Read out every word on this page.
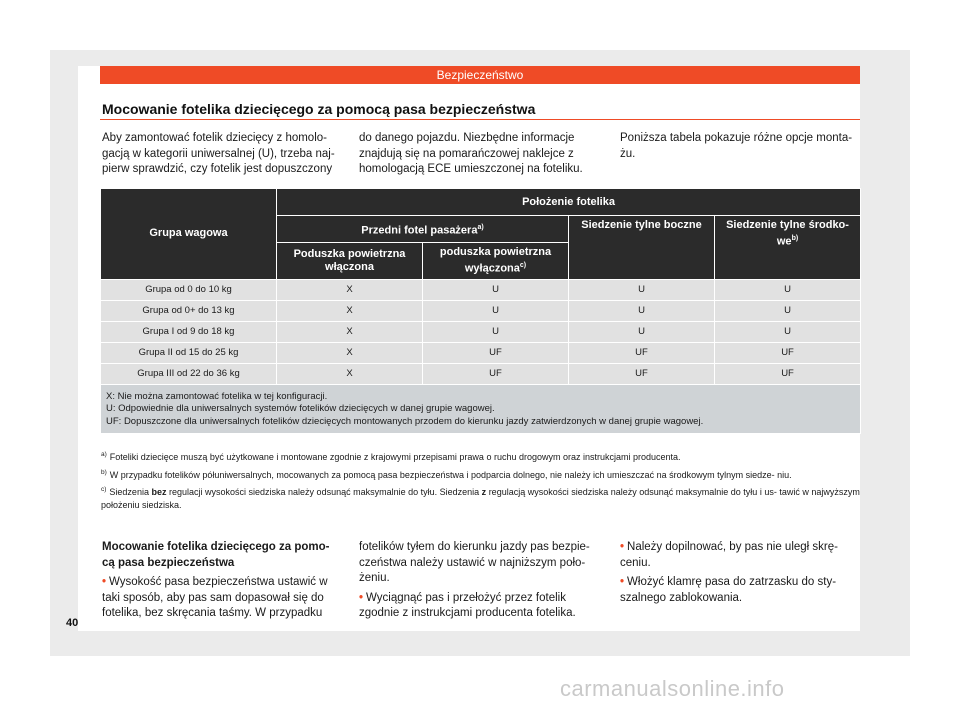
Bezpieczeństwo
Mocowanie fotelika dziecięcego za pomocą pasa bezpieczeństwa
Aby zamontować fotelik dziecięcy z homolo- gacją w kategorii uniwersalnej (U), trzeba naj- pierw sprawdzić, czy fotelik jest dopuszczony
do danego pojazdu. Niezbędne informacje znajdują się na pomarańczowej naklejce z homologacją ECE umieszczonej na foteliku.
Poniższa tabela pokazuje różne opcje monta- żu.
Grupa wagowa	Położenie fotelika			
	Przedni fotel pasażera$^{a)}$		Siedzenie tylne boczne	Siedzenie tylne środko- $we^{b)}$
	Poduszka powietrzna włączona	poduszka powietrzna wyłączona$^{c)}$
Grupa od 0 do 10 kg	X	U	U	U
Grupa od 0+ do 13 kg	X	U	U	U
Grupa I od 9 do 18 kg	X	U	U	U
Grupa II od 15 do 25 kg	X	UF	UF	UF
Grupa III od 22 do 36 kg	X	UF	UF	UF

X: Nie można zamontować fotelika w tej konfiguracji.
U: Odpowiednie dla uniwersalnych systemów fotelików dziecięcych w danej grupie wagowej.
UF: Dopuszczone dla uniwersalnych fotelików dziecięcych montowanych przodem do kierunku jazdy zatwierdzonych w danej grupie wagowej.				
$^{a)}$ Foteliki dziecięce muszą być użytkowane i montowane zgodnie z krajowymi przepisami prawa o ruchu drogowym oraz instrukcjami producenta.
$^{b)}$ W przypadku fotelików półuniwersalnych, mocowanych za pomocą pasa bezpieczeństwa i podparcia dolnego, nie należy ich umieszczać na środkowym tylnym siedze- niu.
$^{c)}$ Siedzenia bez regulacji wysokości siedziska należy odsunąć maksymalnie do tyłu. Siedzenia z regulacją wysokości siedziska należy odsunąć maksymalnie do tyłu i us- tawić w najwyższym położeniu siedziska.
Mocowanie fotelika dziecięcego za pomo- cą pasa bezpieczeństwa
• Wysokość pasa bezpieczeństwa ustawić w taki sposób, aby pas sam dopasował się do fotelika, bez skręcania taśmy. W przypadku
fotelików tyłem do kierunku jazdy pas bezpie- czeństwa należy ustawić w najniższym poło- żeniu.
• Wyciągnąć pas i przełożyć przez fotelik zgodnie z instrukcjami producenta fotelika.
• Należy dopilnować, by pas nie uległ skrę- ceniu.
• Włożyć klamrę pasa do zatrzasku do sty- szalnego zablokowania.
40
carmanualsonline.info
